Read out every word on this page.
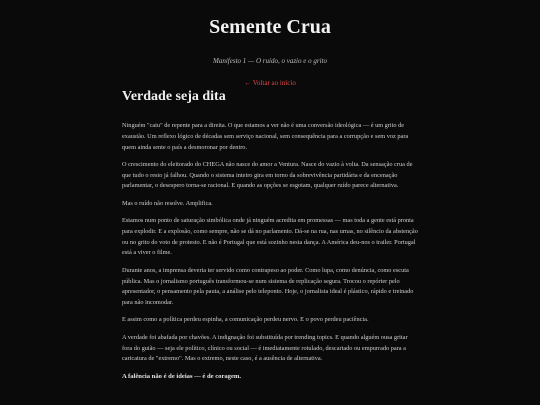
Semente Crua
Manifesto 1 — O ruído, o vazio e o grito
← Voltar ao início
Verdade seja dita

Ninguém "caiu" de repente para a direita. O que estamos a ver não é uma conversão ideológica — é um grito de exaustão. Um reflexo lógico de décadas sem serviço nacional, sem consequência para a corrupção e sem voz para quem ainda sente o país a desmoronar por dentro.

O crescimento do eleitorado do CHEGA não nasce do amor a Ventura. Nasce do vazio à volta. Da sensação crua de que tudo o resto já falhou. Quando o sistema inteiro gira em torno da sobrevivência partidária e da encenação parlamentar, o desespero torna-se racional. E quando as opções se esgotam, qualquer ruído parece alternativa.

Mas o ruído não resolve. Amplifica.

Estamos num ponto de saturação simbólica onde já ninguém acredita em promessas — mas toda a gente está pronta para explodir. E a explosão, como sempre, não se dá no parlamento. Dá-se na rua, nas urnas, no silêncio da abstenção ou no grito do voto de protesto. E não é Portugal que está sozinho nesta dança. A América deu-nos o trailer. Portugal está a viver o filme.

Durante anos, a imprensa deveria ter servido como contrapeso ao poder. Como lupa, como denúncia, como escuta pública. Mas o jornalismo português transformou-se num sistema de replicação segura. Trocou o repórter pelo apresentador, o pensamento pela pauta, a análise pelo teleponto. Hoje, o jornalista ideal é plástico, rápido e treinado para não incomodar.

E assim como a política perdeu espinha, a comunicação perdeu nervo. E o povo perdeu paciência.

A verdade foi abafada por chavões. A indignação foi substituída por trending topics. E quando alguém ousa gritar fora do guião — seja ele político, clínico ou social — é imediatamente rotulado, descartado ou empurrado para a caricatura de "extremo". Mas o extremo, neste caso, é a ausência de alternativa.

A falência não é de ideias — é de coragem.
